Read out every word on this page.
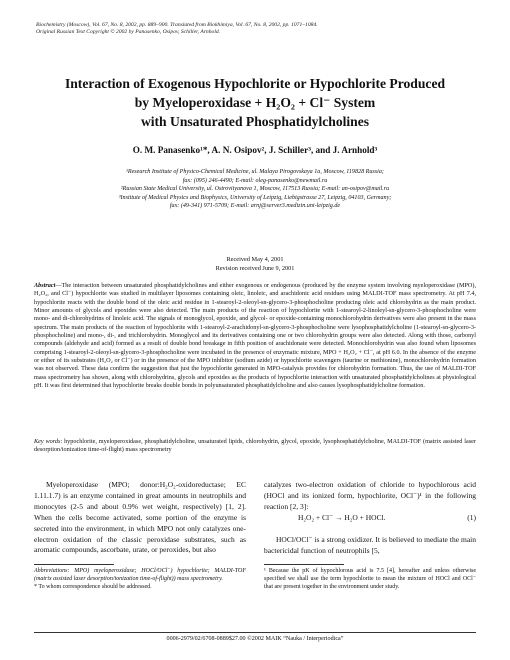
Biochemistry (Moscow), Vol. 67, No. 8, 2002, pp. 889–900. Translated from Biokhimiya, Vol. 67, No. 8, 2002, pp. 1071–1084.
Original Russian Text Copyright © 2002 by Panasenko, Osipov, Schiller, Arnhold.
Interaction of Exogenous Hypochlorite or Hypochlorite Produced
by Myeloperoxidase + H₂O₂ + Cl⁻ System
with Unsaturated Phosphatidylcholines
O. M. Panasenko¹*, A. N. Osipov², J. Schiller³, and J. Arnhold³
¹Research Institute of Physico-Chemical Medicine, ul. Malaya Pirogovskaya 1a, Moscow, 119828 Russia;
fax: (095) 246-4490; E-mail: oleg-panasenko@newmail.ru
²Russian State Medical University, ul. Ostrovityanova 1, Moscow, 117513 Russia; E-mail: an-osipov@mail.ru
³Institute of Medical Physics and Biophysics, University of Leipzig, Liebigstrasse 27, Leipzig, 04103, Germany;
fax: (49-341) 971-5709; E-mail: arnj@server3.medizin.uni-leipzig.de
Received May 4, 2001
Revision received June 9, 2001
Abstract—The interaction between unsaturated phosphatidylcholines and either exogenous or endogenous (produced by the enzyme system involving myeloperoxidase (MPO), H₂O₂, and Cl⁻) hypochlorite was studied in multilayer liposomes containing oleic, linoleic, and arachidonic acid residues using MALDI-TOF mass spectrometry. At pH 7.4, hypochlorite reacts with the double bond of the oleic acid residue in 1-stearoyl-2-oleoyl-sn-glycero-3-phosphocholine producing oleic acid chlorohydrin as the main product. Minor amounts of glycols and epoxides were also detected. The main products of the reaction of hypochlorite with 1-stearoyl-2-linoleyl-sn-glycero-3-phosphocholine were mono- and di-chlorohydrins of linoleic acid. The signals of monoglycol, epoxide, and glycol- or epoxide-containing monochlorohydrin derivatives were also present in the mass spectrum. The main products of the reaction of hypochlorite with 1-stearoyl-2-arachidonyl-sn-glycero-3-phosphocholine were lysophosphatidylcholine (1-stearoyl-sn-glycero-3-phosphocholine) and mono-, di-, and trichlorohydrin. Monoglycol and its derivatives containing one or two chlorohydrin groups were also detected. Along with those, carbonyl compounds (aldehyde and acid) formed as a result of double bond breakage in fifth position of arachidonate were detected. Monochlorohydrin was also found when liposomes comprising 1-stearoyl-2-oleoyl-sn-glycero-3-phosphocholine were incubated in the presence of enzymatic mixture, MPO + H₂O₂ + Cl⁻, at pH 6.0. In the absence of the enzyme or either of its substrates (H₂O₂ or Cl⁻) or in the presence of the MPO inhibitor (sodium azide) or hypochlorite scavengers (taurine or methionine), monochlorohydrin formation was not observed. These data confirm the suggestion that just the hypochlorite generated in MPO-catalysis provides for chlorohydrin formation. Thus, the use of MALDI-TOF mass spectrometry has shown, along with chlorohydrins, glycols and epoxides as the products of hypochlorite interaction with unsaturated phosphatidylcholines at physiological pH. It was first determined that hypochlorite breaks double bonds in polyunsaturated phosphatidylcholine and also causes lysophosphatidylcholine formation.
Key words: hypochlorite, myeloperoxidase, phosphatidylcholine, unsaturated lipids, chlorohydrin, glycol, epoxide, lysophosphatidylcholine, MALDI-TOF (matrix assisted laser desorption/ionization time-of-flight) mass spectrometry

Myeloperoxidase (MPO; donor:H₂O₂-oxidoreductase; EC 1.11.1.7) is an enzyme contained in great amounts in neutrophils and monocytes (2-5 and about 0.9% wet weight, respectively) [1, 2]. When the cells become activated, some portion of the enzyme is secreted into the environment, in which MPO not only catalyzes one-electron oxidation of the classic peroxidase substrates, such as aromatic compounds, ascorbate, urate, or peroxides, but also

catalyzes two-electron oxidation of chloride to hypochlorous acid (HOCl and its ionized form, hypochlorite, OCl⁻)¹ in the following reaction [2, 3]:

H₂O₂ + Cl⁻ → H₂O + HOCl.	(1)
HOCl/OCl⁻ is a strong oxidizer. It is believed to mediate the main bactericidal function of neutrophils [5,
Abbreviations: MPO) myeloperoxidase; HOCl/OCl⁻) hypochlorite; MALDI-TOF (matrix assisted laser desorption/ionization time-of-flight)) mass spectrometry.
* To whom correspondence should be addressed.
¹ Because the pK of hypochlorous acid is 7.5 [4], hereafter and unless otherwise specified we shall use the term hypochlorite to mean the mixture of HOCl and OCl⁻ that are present together in the environment under study.
0006-2979/02/6708-0889$27.00 ©2002 MAIK “Nauka / Interperiodica”
